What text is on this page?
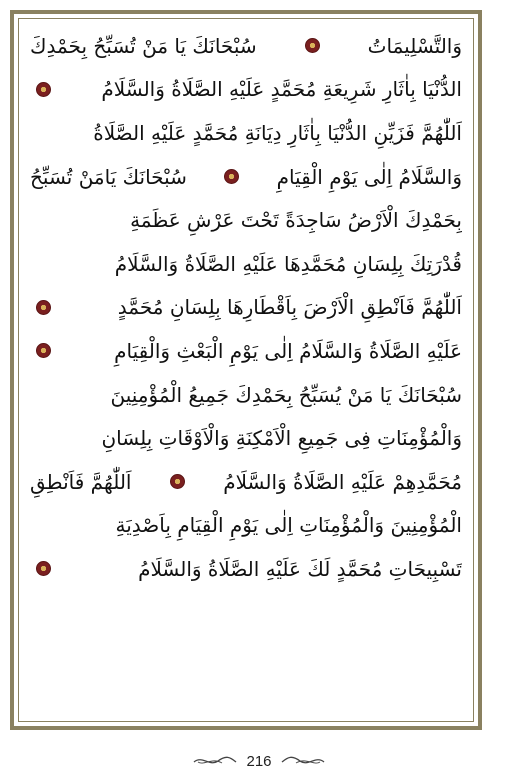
وَالتَّسْلِيمَاتُ
سُبْحَانَكَ يَا مَنْ تُسَبِّحُ بِحَمْدِكَ
الدُّنْيَا بِاٰثَارِ شَرِيعَةِ مُحَمَّدٍ عَلَيْهِ الصَّلَاةُ وَالسَّلَامُ
اَللّٰهُمَّ فَزَيِّنِ الدُّنْيَا بِاٰثَارِ دِيَانَةِ مُحَمَّدٍ عَلَيْهِ الصَّلَاةُ
وَالسَّلَامُ اِلٰى يَوْمِ الْقِيَامِ
سُبْحَانَكَ يَامَنْ تُسَبِّحُ
بِحَمْدِكَ الْاَرْضُ سَاجِدَةً تَحْتَ عَرْشِ عَظَمَةِ
قُدْرَتِكَ بِلِسَانِ مُحَمَّدِهَا عَلَيْهِ الصَّلَاةُ وَالسَّلَامُ
اَللّٰهُمَّ فَاَنْطِقِ الْاَرْضَ بِاَقْطَارِهَا بِلِسَانِ مُحَمَّدٍ
عَلَيْهِ الصَّلَاةُ وَالسَّلَامُ اِلٰى يَوْمِ الْبَعْثِ وَالْقِيَامِ
سُبْحَانَكَ يَا مَنْ يُسَبِّحُ بِحَمْدِكَ جَمِيعُ الْمُؤْمِنِينَ
وَالْمُؤْمِنَاتِ فِى جَمِيعِ الْاَمْكِنَةِ وَالْاَوْقَاتِ بِلِسَانِ
مُحَمَّدِهِمْ عَلَيْهِ الصَّلَاةُ وَالسَّلَامُ
اَللّٰهُمَّ فَاَنْطِقِ
الْمُؤْمِنِينَ وَالْمُؤْمِنَاتِ اِلٰى يَوْمِ الْقِيَامِ بِاَصْدِيَةِ
تَسْبِيحَاتِ مُحَمَّدٍ لَكَ عَلَيْهِ الصَّلَاةُ وَالسَّلَامُ
216
